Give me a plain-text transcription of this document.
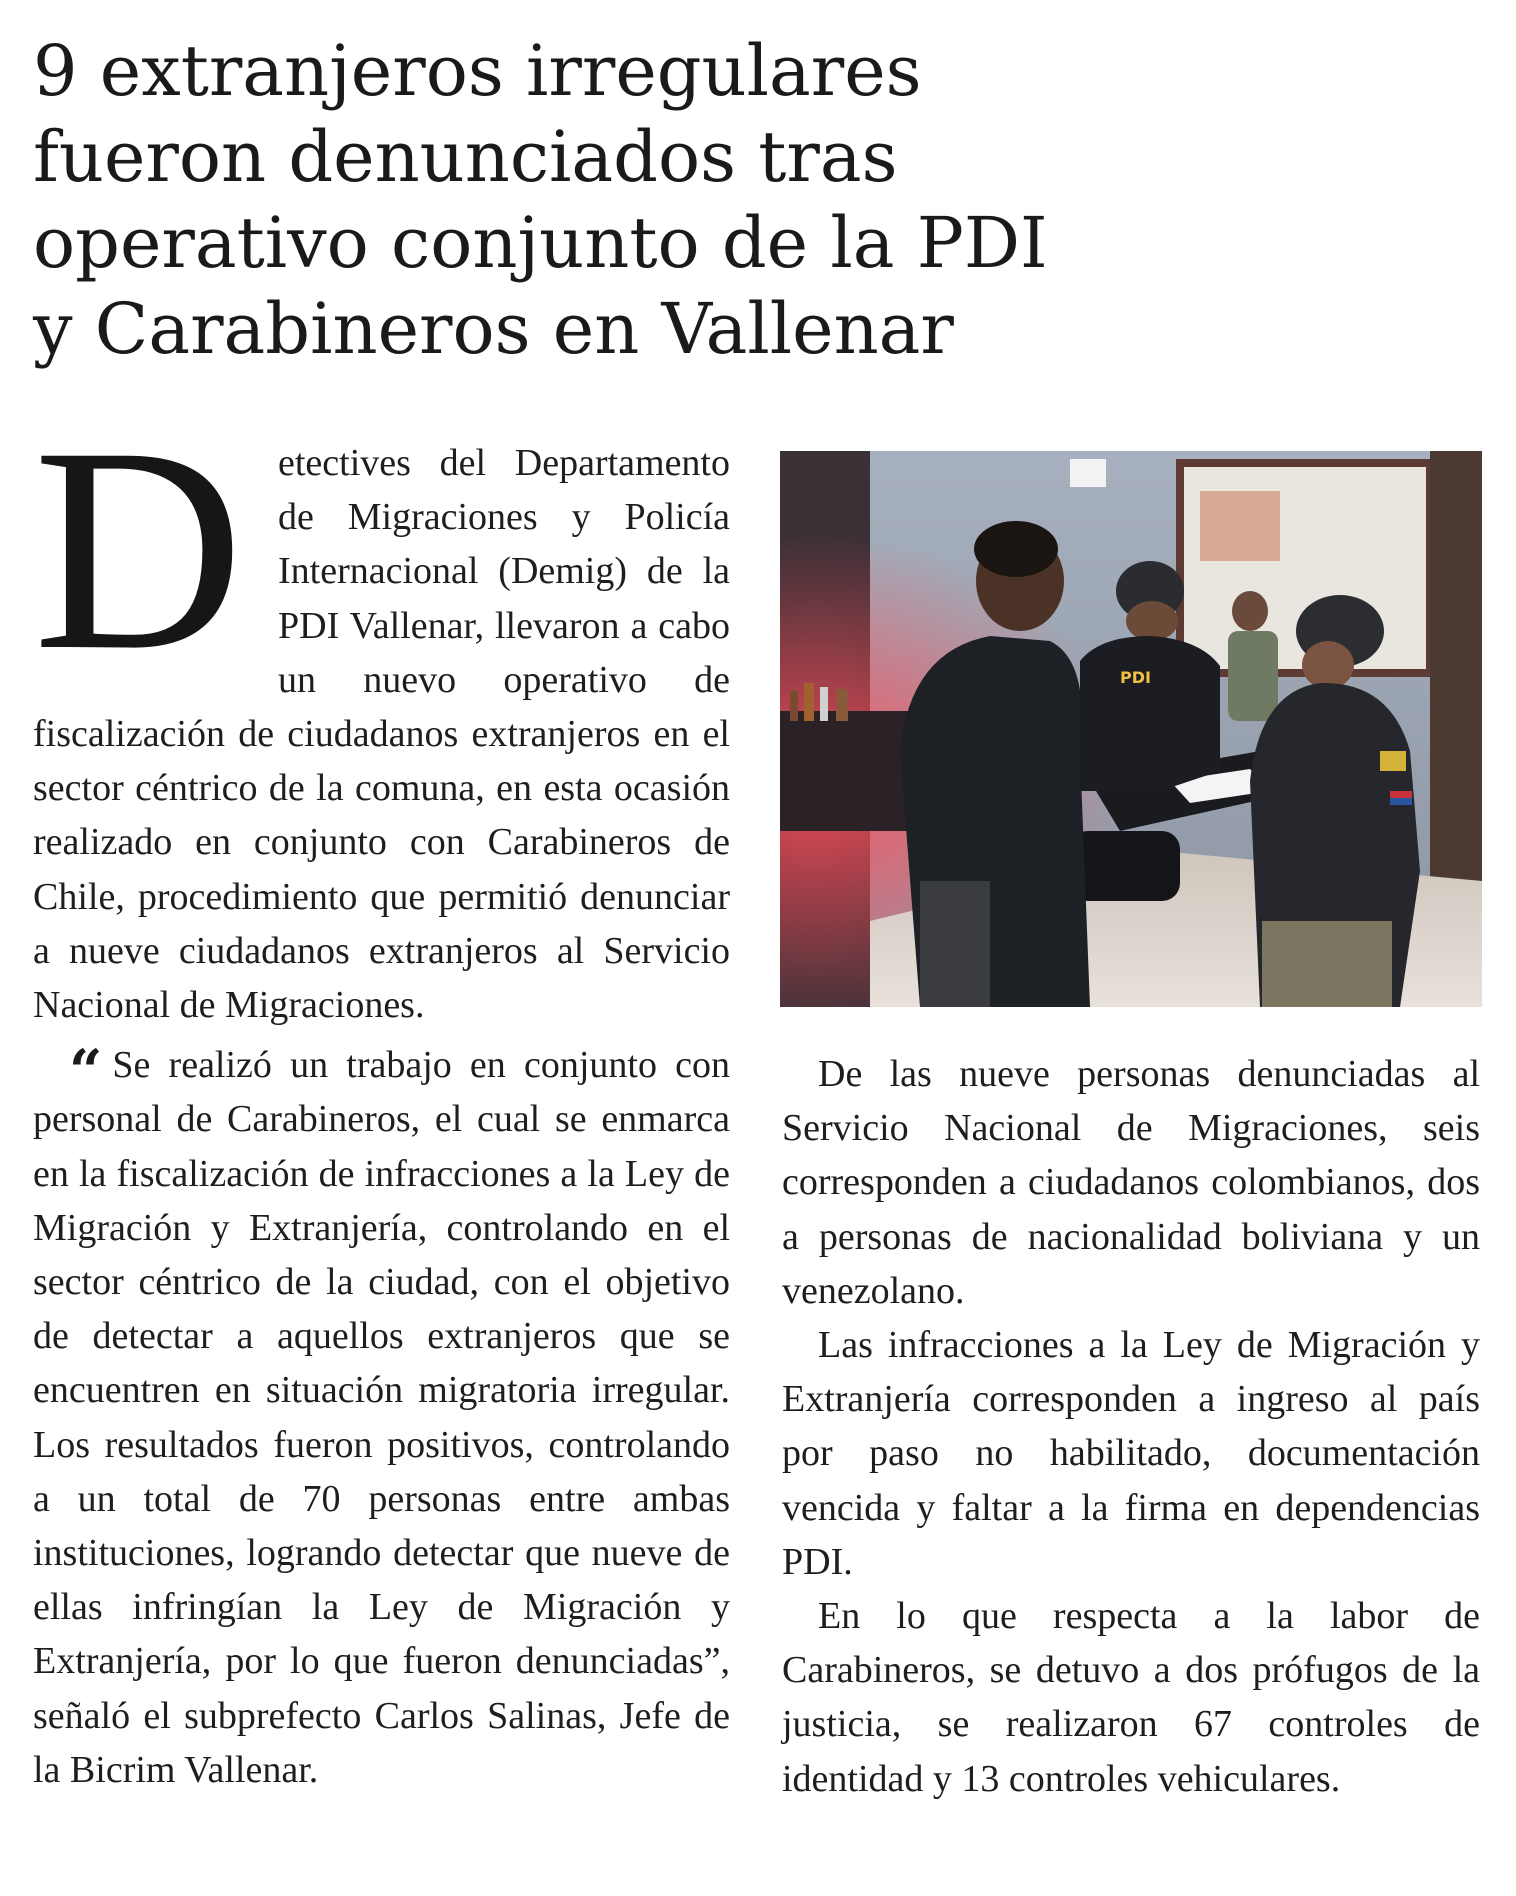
9 extranjeros irregulares
fueron denunciados tras
operativo conjunto de la PDI
y Carabineros en Vallenar

D etectives del Departamento de Migraciones y Policía Internacional (Demig) de la PDI Vallenar, llevaron a cabo un nuevo operativo de fiscalización de ciudadanos extranjeros en el sector céntrico de la comuna, en esta ocasión realizado en conjunto con Carabineros de Chile, procedimiento que permitió denunciar a nueve ciudadanos extranjeros al Servicio Nacional de Migraciones.

“ Se realizó un trabajo en conjunto con personal de Carabineros, el cual se enmarca en la fiscalización de infracciones a la Ley de Migración y Extranjería, controlando en el sector céntrico de la ciudad, con el objetivo de detectar a aquellos extranjeros que se encuentren en situación migratoria irregular. Los resultados fueron positivos, controlando a un total de 70 personas entre ambas instituciones, logrando detectar que nueve de ellas infringían la Ley de Migración y Extranjería, por lo que fueron denunciadas”, señaló el subprefecto Carlos Salinas, Jefe de la Bicrim Vallenar.

PDI

De las nueve personas denunciadas al Servicio Nacional de Migraciones, seis corresponden a ciudadanos colombianos, dos a personas de nacionalidad boliviana y un venezolano.

Las infracciones a la Ley de Migración y Extranjería corresponden a ingreso al país por paso no habilitado, documentación vencida y faltar a la firma en dependencias PDI.

En lo que respecta a la labor de Carabineros, se detuvo a dos prófugos de la justicia, se realizaron 67 controles de identidad y 13 controles vehiculares.
